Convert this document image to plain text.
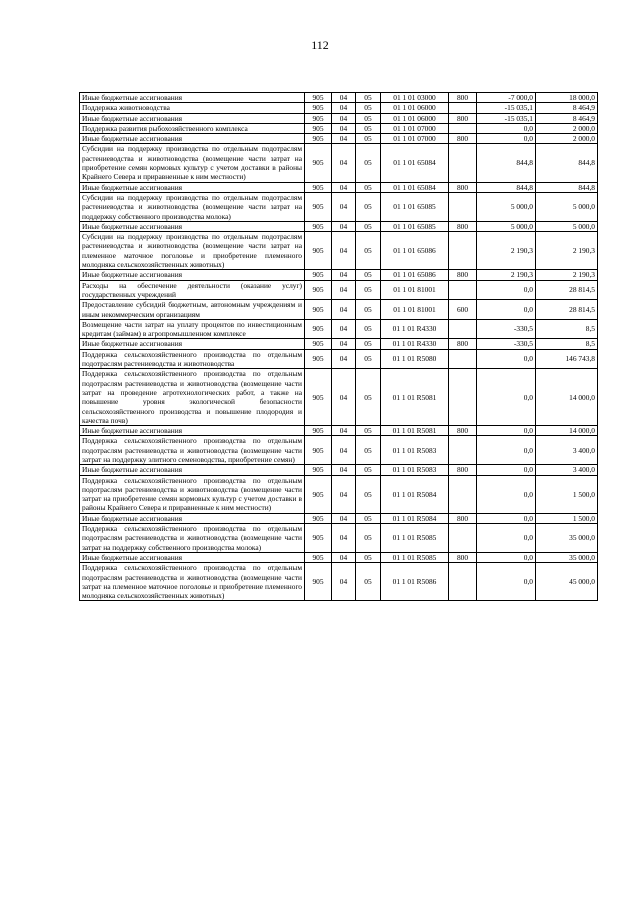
112
Иные бюджетные ассигнования	905	04	05	01 1 01 03000	800	-7 000,0	18 000,0
Поддержка животноводства	905	04	05	01 1 01 06000		-15 035,1	8 464,9
Иные бюджетные ассигнования	905	04	05	01 1 01 06000	800	-15 035,1	8 464,9
Поддержка развития рыбохозяйственного комплекса	905	04	05	01 1 01 07000		0,0	2 000,0
Иные бюджетные ассигнования	905	04	05	01 1 01 07000	800	0,0	2 000,0
Субсидии на поддержку производства по отдельным подотраслям растениеводства и животноводства (возмещение части затрат на приобретение семян кормовых культур с учетом доставки в районы Крайнего Севера и приравненные к ним местности)	905	04	05	01 1 01 65084		844,8	844,8
Иные бюджетные ассигнования	905	04	05	01 1 01 65084	800	844,8	844,8
Субсидии на поддержку производства по отдельным подотраслям растениеводства и животноводства (возмещение части затрат на поддержку собственного производства молока)	905	04	05	01 1 01 65085		5 000,0	5 000,0
Иные бюджетные ассигнования	905	04	05	01 1 01 65085	800	5 000,0	5 000,0
Субсидии на поддержку производства по отдельным подотраслям растениеводства и животноводства (возмещение части затрат на племенное маточное поголовье и приобретение племенного молодняка сельскохозяйственных животных)	905	04	05	01 1 01 65086		2 190,3	2 190,3
Иные бюджетные ассигнования	905	04	05	01 1 01 65086	800	2 190,3	2 190,3
Расходы на обеспечение деятельности (оказание услуг) государственных учреждений	905	04	05	01 1 01 81001		0,0	28 814,5
Предоставление субсидий бюджетным, автономным учреждениям и иным некоммерческим организациям	905	04	05	01 1 01 81001	600	0,0	28 814,5
Возмещение части затрат на уплату процентов по инвестиционным кредитам (займам) в агропромышленном комплексе	905	04	05	01 1 01 R4330		-330,5	8,5
Иные бюджетные ассигнования	905	04	05	01 1 01 R4330	800	-330,5	8,5
Поддержка сельскохозяйственного производства по отдельным подотраслям растениеводства и животноводства	905	04	05	01 1 01 R5080		0,0	146 743,8
Поддержка сельскохозяйственного производства по отдельным подотраслям растениеводства и животноводства (возмещение части затрат на проведение агротехнологических работ, а также на повышение уровня экологической безопасности сельскохозяйственного производства и повышение плодородия и качества почв)	905	04	05	01 1 01 R5081		0,0	14 000,0
Иные бюджетные ассигнования	905	04	05	01 1 01 R5081	800	0,0	14 000,0
Поддержка сельскохозяйственного производства по отдельным подотраслям растениеводства и животноводства (возмещение части затрат на поддержку элитного семеноводства, приобретение семян)	905	04	05	01 1 01 R5083		0,0	3 400,0
Иные бюджетные ассигнования	905	04	05	01 1 01 R5083	800	0,0	3 400,0
Поддержка сельскохозяйственного производства по отдельным подотраслям растениеводства и животноводства (возмещение части затрат на приобретение семян кормовых культур с учетом доставки в районы Крайнего Севера и приравненные к ним местности)	905	04	05	01 1 01 R5084		0,0	1 500,0
Иные бюджетные ассигнования	905	04	05	01 1 01 R5084	800	0,0	1 500,0
Поддержка сельскохозяйственного производства по отдельным подотраслям растениеводства и животноводства (возмещение части затрат на поддержку собственного производства молока)	905	04	05	01 1 01 R5085		0,0	35 000,0
Иные бюджетные ассигнования	905	04	05	01 1 01 R5085	800	0,0	35 000,0
Поддержка сельскохозяйственного производства по отдельным подотраслям растениеводства и животноводства (возмещение части затрат на племенное маточное поголовье и приобретение племенного молодняка сельскохозяйственных животных)	905	04	05	01 1 01 R5086		0,0	45 000,0
